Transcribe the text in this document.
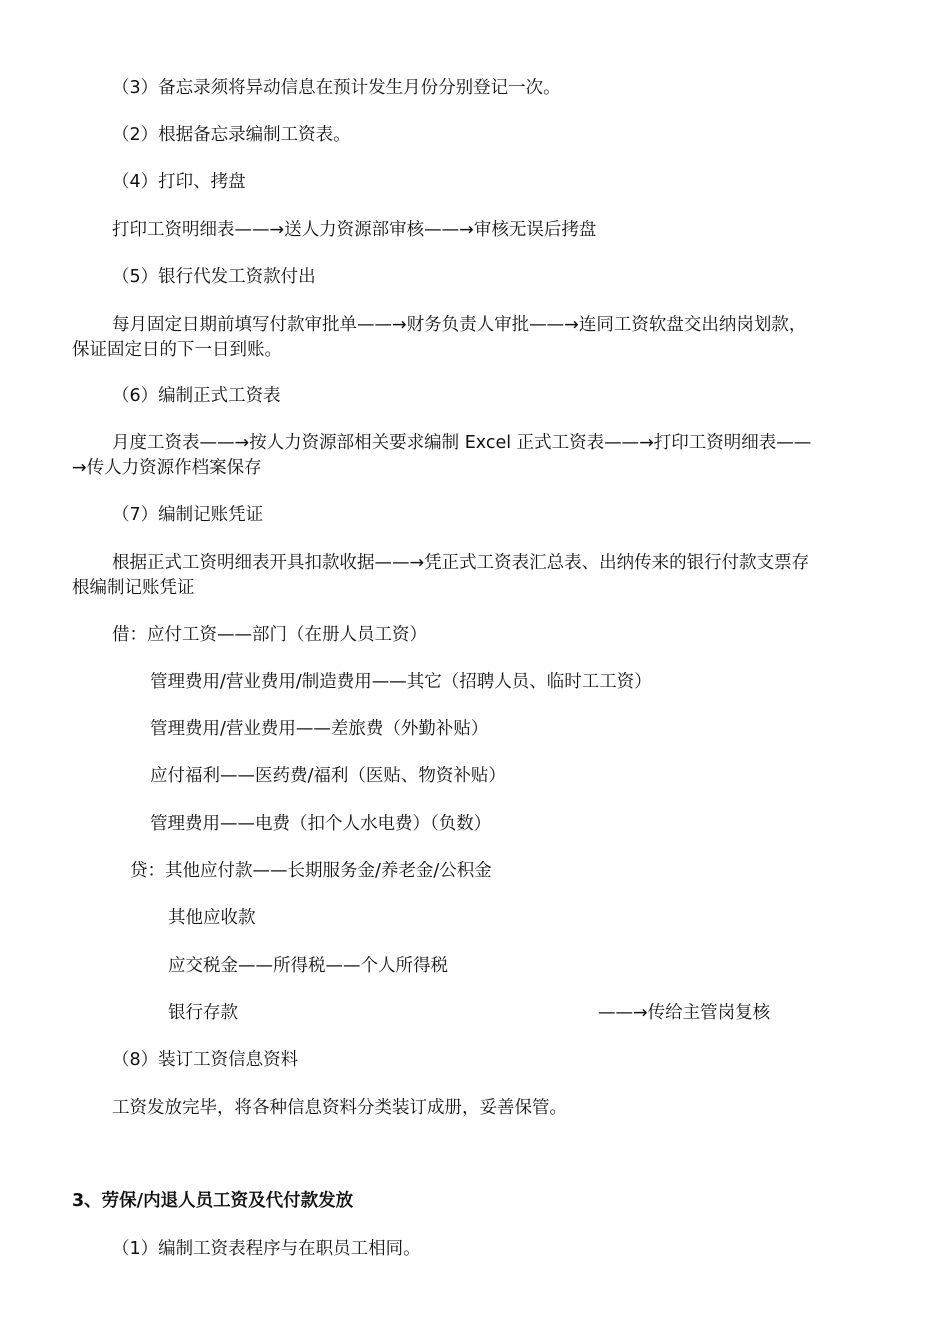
（3）备忘录须将异动信息在预计发生月份分别登记一次。
（2）根据备忘录编制工资表。
（4）打印、拷盘
打印工资明细表——→送人力资源部审核——→审核无误后拷盘
（5）银行代发工资款付出
每月固定日期前填写付款审批单——→财务负责人审批——→连同工资软盘交出纳岗划款，
保证固定日的下一日到账。
（6）编制正式工资表
月度工资表——→按人力资源部相关要求编制 Excel 正式工资表——→打印工资明细表——
→传人力资源作档案保存
（7）编制记账凭证
根据正式工资明细表开具扣款收据——→凭正式工资表汇总表、出纳传来的银行付款支票存
根编制记账凭证
借：应付工资——部门（在册人员工资）
管理费用/营业费用/制造费用——其它（招聘人员、临时工工资）
管理费用/营业费用——差旅费（外勤补贴）
应付福利——医药费/福利（医贴、物资补贴）
管理费用——电费（扣个人水电费）（负数）
贷：其他应付款——长期服务金/养老金/公积金
其他应收款
应交税金——所得税——个人所得税
银行存款	——→传给主管岗复核
（8）装订工资信息资料
工资发放完毕，将各种信息资料分类装订成册，妥善保管。
3、劳保/内退人员工资及代付款发放
（1）编制工资表程序与在职员工相同。
